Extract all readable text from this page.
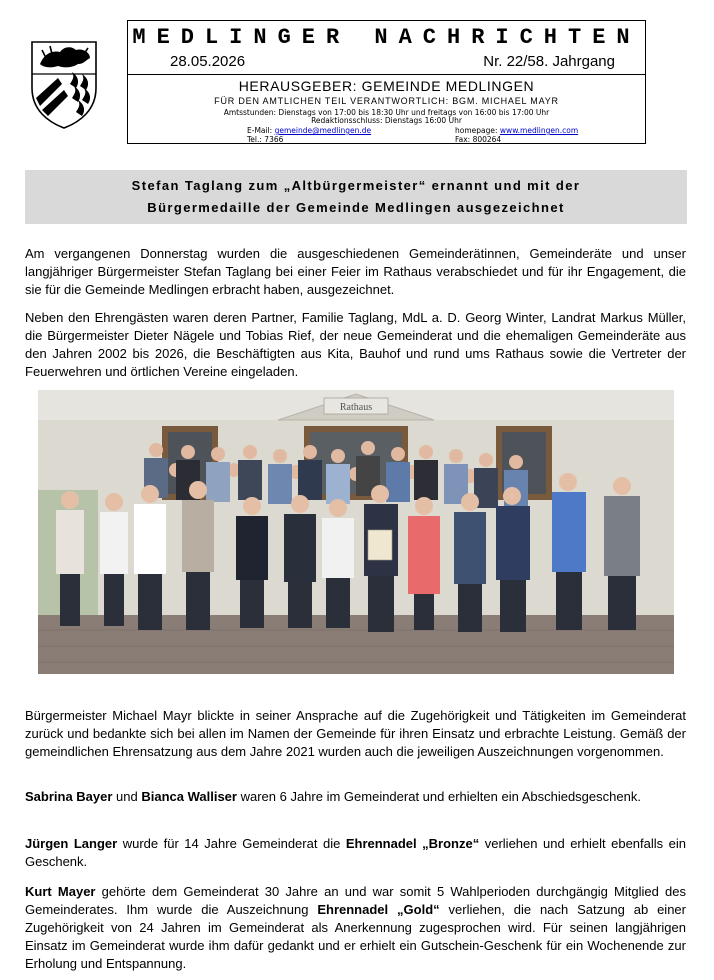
MEDLINGER NACHRICHTEN
28.05.2026	Nr. 22/58. Jahrgang
HERAUSGEBER: GEMEINDE MEDLINGEN
FÜR DEN AMTLICHEN TEIL VERANTWORTLICH: BGM. MICHAEL MAYR
Amtsstunden: Dienstags von 17:00 bis 18:30 Uhr und freitags von 16:00 bis 17:00 Uhr
Redaktionsschluss: Dienstags 16:00 Uhr
E-Mail: gemeinde@medlingen.de
Tel.: 7366
homepage: www.medlingen.com
Fax: 800264
Stefan Taglang zum „Altbürgermeister“ ernannt und mit der
Bürgermedaille der Gemeinde Medlingen ausgezeichnet

Am vergangenen Donnerstag wurden die ausgeschiedenen Gemeinderätinnen, Gemeinderäte und unser langjähriger Bürgermeister Stefan Taglang bei einer Feier im Rathaus verabschiedet und für ihr Engagement, die sie für die Gemeinde Medlingen erbracht haben, ausgezeichnet.

Neben den Ehrengästen waren deren Partner, Familie Taglang, MdL a. D. Georg Winter, Landrat Markus Müller, die Bürgermeister Dieter Nägele und Tobias Rief, der neue Gemeinderat und die ehemaligen Gemeinderäte aus den Jahren 2002 bis 2026, die Beschäftigten aus Kita, Bauhof und rund ums Rathaus sowie die Vertreter der Feuerwehren und örtlichen Vereine eingeladen.

Rathaus

Bürgermeister Michael Mayr blickte in seiner Ansprache auf die Zugehörigkeit und Tätigkeiten im Gemeinderat zurück und bedankte sich bei allen im Namen der Gemeinde für ihren Einsatz und erbrachte Leistung. Gemäß der gemeindlichen Ehrensatzung aus dem Jahre 2021 wurden auch die jeweiligen Auszeichnungen vorgenommen.

Sabrina Bayer und Bianca Walliser waren 6 Jahre im Gemeinderat und erhielten ein Abschiedsgeschenk.

Jürgen Langer wurde für 14 Jahre Gemeinderat die Ehrennadel „Bronze“ verliehen und erhielt ebenfalls ein Geschenk.

Kurt Mayer gehörte dem Gemeinderat 30 Jahre an und war somit 5 Wahlperioden durchgängig Mitglied des Gemeinderates. Ihm wurde die Auszeichnung Ehrennadel „Gold“ verliehen, die nach Satzung ab einer Zugehörigkeit von 24 Jahren im Gemeinderat als Anerkennung zugesprochen wird. Für seinen langjährigen Einsatz im Gemeinderat wurde ihm dafür gedankt und er erhielt ein Gutschein-Geschenk für ein Wochenende zur Erholung und Entspannung.
